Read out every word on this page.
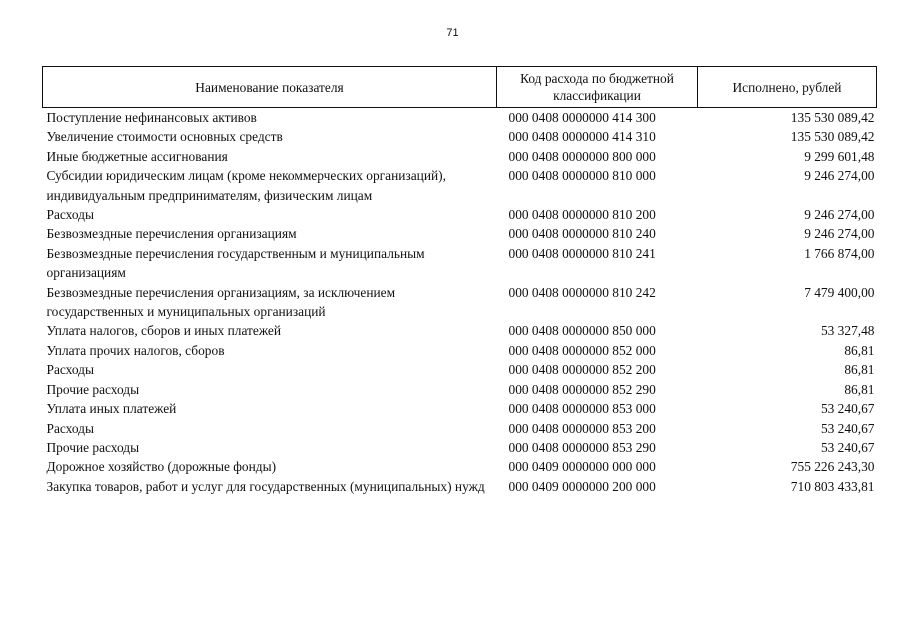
71
Наименование показателя	Код расхода по бюджетной классификации	Исполнено, рублей
Поступление нефинансовых активов	000 0408 0000000 414 300	135 530 089,42
Увеличение стоимости основных средств	000 0408 0000000 414 310	135 530 089,42
Иные бюджетные ассигнования	000 0408 0000000 800 000	9 299 601,48
Субсидии юридическим лицам (кроме некоммерческих организаций), индивидуальным предпринимателям, физическим лицам	000 0408 0000000 810 000	9 246 274,00
Расходы	000 0408 0000000 810 200	9 246 274,00
Безвозмездные перечисления организациям	000 0408 0000000 810 240	9 246 274,00
Безвозмездные перечисления государственным и муниципальным организациям	000 0408 0000000 810 241	1 766 874,00
Безвозмездные перечисления организациям, за исключением государственных и муниципальных организаций	000 0408 0000000 810 242	7 479 400,00
Уплата налогов, сборов и иных платежей	000 0408 0000000 850 000	53 327,48
Уплата прочих налогов, сборов	000 0408 0000000 852 000	86,81
Расходы	000 0408 0000000 852 200	86,81
Прочие расходы	000 0408 0000000 852 290	86,81
Уплата иных платежей	000 0408 0000000 853 000	53 240,67
Расходы	000 0408 0000000 853 200	53 240,67
Прочие расходы	000 0408 0000000 853 290	53 240,67
Дорожное хозяйство (дорожные фонды)	000 0409 0000000 000 000	755 226 243,30
Закупка товаров, работ и услуг для государственных (муниципальных) нужд	000 0409 0000000 200 000	710 803 433,81
